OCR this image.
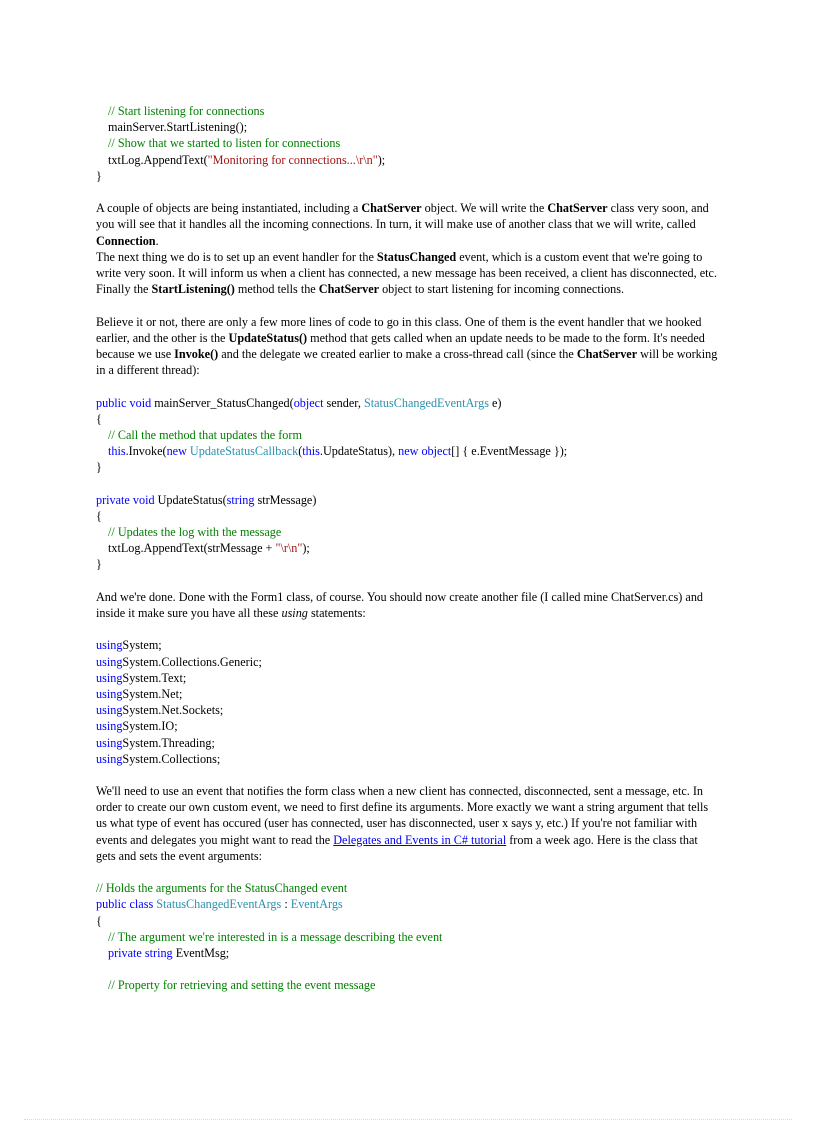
// Start listening for connections
mainServer.StartListening();
// Show that we started to listen for connections
txtLog.AppendText("Monitoring for connections...\r\n");
}
A couple of objects are being instantiated, including a ChatServer object. We will write the ChatServer class very soon, and you will see that it handles all the incoming connections. In turn, it will make use of another class that we will write, called Connection.
The next thing we do is to set up an event handler for the StatusChanged event, which is a custom event that we're going to write very soon. It will inform us when a client has connected, a new message has been received, a client has disconnected, etc.
Finally the StartListening() method tells the ChatServer object to start listening for incoming connections.
Believe it or not, there are only a few more lines of code to go in this class. One of them is the event handler that we hooked earlier, and the other is the UpdateStatus() method that gets called when an update needs to be made to the form. It's needed because we use Invoke() and the delegate we created earlier to make a cross-thread call (since the ChatServer will be working in a different thread):
public void mainServer_StatusChanged(object sender, StatusChangedEventArgs e)
{
// Call the method that updates the form
this.Invoke(new UpdateStatusCallback(this.UpdateStatus), new object[] { e.EventMessage });
}
private void UpdateStatus(string strMessage)
{
// Updates the log with the message
txtLog.AppendText(strMessage + "\r\n");
}
And we're done. Done with the Form1 class, of course. You should now create another file (I called mine ChatServer.cs) and inside it make sure you have all these using statements:
usingSystem;
usingSystem.Collections.Generic;
usingSystem.Text;
usingSystem.Net;
usingSystem.Net.Sockets;
usingSystem.IO;
usingSystem.Threading;
usingSystem.Collections;
We'll need to use an event that notifies the form class when a new client has connected, disconnected, sent a message, etc. In order to create our own custom event, we need to first define its arguments. More exactly we want a string argument that tells us what type of event has occured (user has connected, user has disconnected, user x says y, etc.) If you're not familiar with events and delegates you might want to read the Delegates and Events in C# tutorial from a week ago. Here is the class that gets and sets the event arguments:
// Holds the arguments for the StatusChanged event
public class StatusChangedEventArgs : EventArgs
{
// The argument we're interested in is a message describing the event
private string EventMsg;
// Property for retrieving and setting the event message
